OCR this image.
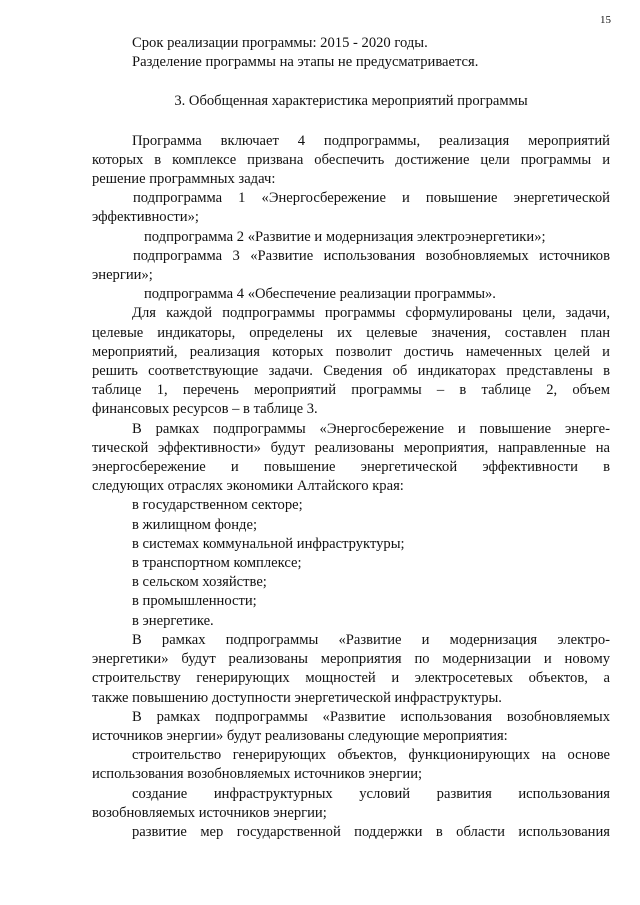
15
Срок реализации программы: 2015 - 2020 годы.
Разделение программы на этапы не предусматривается.
3. Обобщенная характеристика мероприятий программы
Программа включает 4 подпрограммы, реализация мероприятий
которых в комплексе призвана обеспечить достижение цели программы и
решение программных задач:
подпрограмма 1 «Энергосбережение и повышение энергетической
эффективности»;
подпрограмма 2 «Развитие и модернизация электроэнергетики»;
подпрограмма 3 «Развитие использования возобновляемых источников
энергии»;
подпрограмма 4 «Обеспечение реализации программы».
Для каждой подпрограммы программы сформулированы цели, задачи,
целевые индикаторы, определены их целевые значения, составлен план
мероприятий, реализация которых позволит достичь намеченных целей и
решить соответствующие задачи. Сведения об индикаторах представлены в
таблице 1, перечень мероприятий программы – в таблице 2, объем
финансовых ресурсов – в таблице 3.
В рамках подпрограммы «Энергосбережение и повышение энерге-
тической эффективности» будут реализованы мероприятия, направленные на
энергосбережение и повышение энергетической эффективности в
следующих отраслях экономики Алтайского края:
в государственном секторе;
в жилищном фонде;
в системах коммунальной инфраструктуры;
в транспортном комплексе;
в сельском хозяйстве;
в промышленности;
в энергетике.
В рамках подпрограммы «Развитие и модернизация электро-
энергетики» будут реализованы мероприятия по модернизации и новому
строительству генерирующих мощностей и электросетевых объектов, а
также повышению доступности энергетической инфраструктуры.
В рамках подпрограммы «Развитие использования возобновляемых
источников энергии» будут реализованы следующие мероприятия:
строительство генерирующих объектов, функционирующих на основе
использования возобновляемых источников энергии;
создание инфраструктурных условий развития использования
возобновляемых источников энергии;
развитие мер государственной поддержки в области использования
